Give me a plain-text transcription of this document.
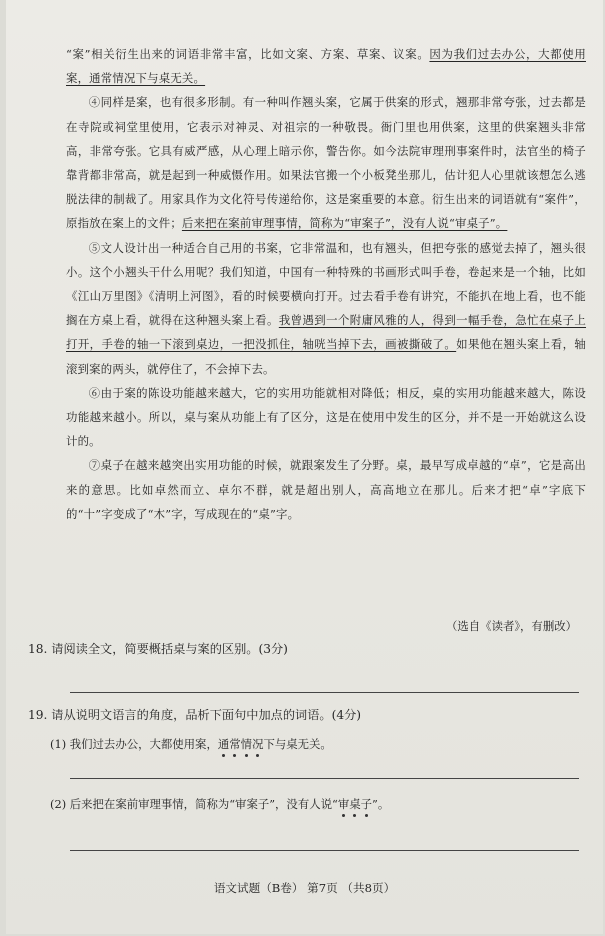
“案”相关衍生出来的词语非常丰富，比如文案、方案、草案、议案。因为我们过去办公，大都使用案，通常情况下与桌无关。

④同样是案，也有很多形制。有一种叫作翘头案，它属于供案的形式，翘那非常夸张，过去都是在寺院或祠堂里使用，它表示对神灵、对祖宗的一种敬畏。衙门里也用供案，这里的供案翘头非常高，非常夸张。它具有威严感，从心理上暗示你，警告你。如今法院审理刑事案件时，法官坐的椅子靠背都非常高，就是起到一种威慑作用。如果法官搬一个小板凳坐那儿，估计犯人心里就该想怎么逃脱法律的制裁了。用家具作为文化符号传递给你，这是案重要的本意。衍生出来的词语就有“案件”，原指放在案上的文件；后来把在案前审理事情，简称为“审案子”，没有人说“审桌子”。

⑤文人设计出一种适合自己用的书案，它非常温和，也有翘头，但把夸张的感觉去掉了，翘头很小。这个小翘头干什么用呢？我们知道，中国有一种特殊的书画形式叫手卷，卷起来是一个轴，比如《江山万里图》《清明上河图》，看的时候要横向打开。过去看手卷有讲究，不能扒在地上看，也不能搁在方桌上看，就得在这种翘头案上看。我曾遇到一个附庸风雅的人，得到一幅手卷，急忙在桌子上打开，手卷的轴一下滚到桌边，一把没抓住，轴咣当掉下去，画被撕破了。如果他在翘头案上看，轴滚到案的两头，就停住了，不会掉下去。

⑥由于案的陈设功能越来越大，它的实用功能就相对降低；相反，桌的实用功能越来越大，陈设功能越来越小。所以，桌与案从功能上有了区分，这是在使用中发生的区分，并不是一开始就这么设计的。

⑦桌子在越来越突出实用功能的时候，就跟案发生了分野。桌，最早写成卓越的“卓”，它是高出来的意思。比如卓然而立、卓尔不群，就是超出别人，高高地立在那儿。后来才把“卓”字底下的“十”字变成了“木”字，写成现在的“桌”字。

（选自《读者》，有删改）
18. 请阅读全文，简要概括桌与案的区别。(3分)
19. 请从说明文语言的角度，品析下面句中加点的词语。(4分)
(1) 我们过去办公，大都使用案，通常情况下与桌无关。
(2) 后来把在案前审理事情，简称为“审案子”，没有人说“审桌子”。
语文试题（B卷） 第7页 （共8页）
